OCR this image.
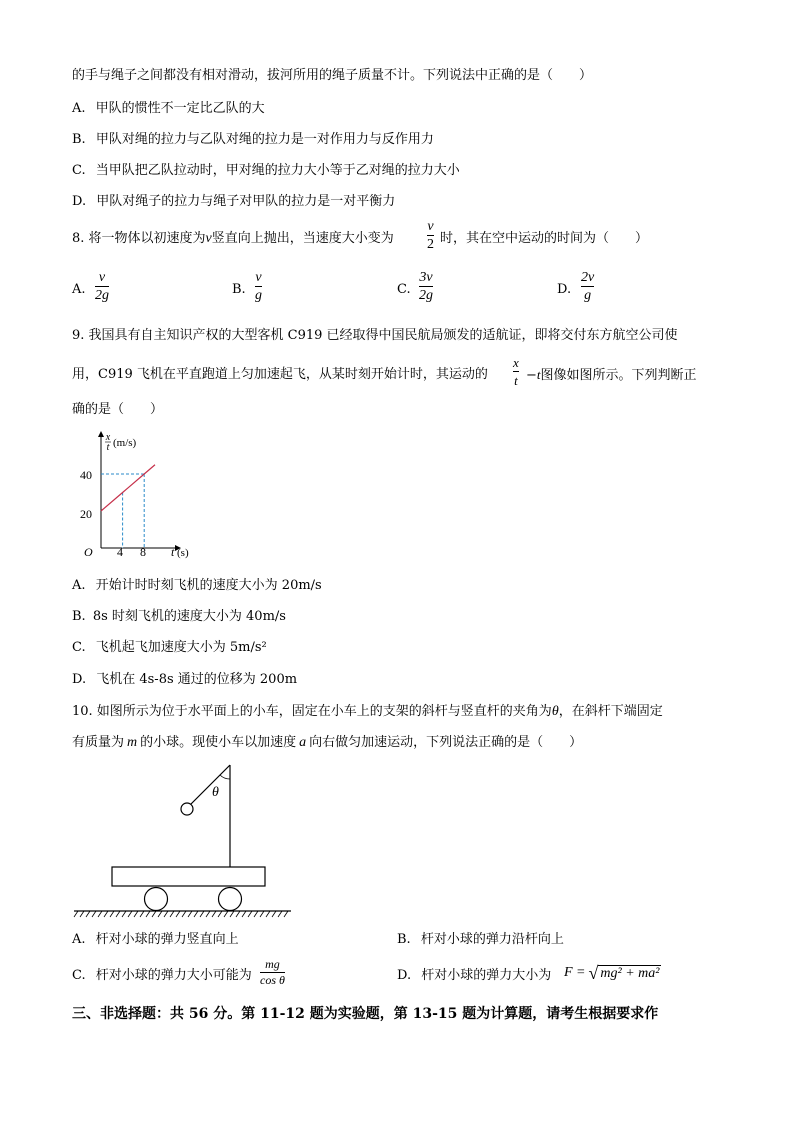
的手与绳子之间都没有相对滑动，拔河所用的绳子质量不计。下列说法中正确的是（　　）
A. 甲队的惯性不一定比乙队的大
B. 甲队对绳的拉力与乙队对绳的拉力是一对作用力与反作用力
C. 当甲队把乙队拉动时，甲对绳的拉力大小等于乙对绳的拉力大小
D. 甲队对绳子的拉力与绳子对甲队的拉力是一对平衡力
8. 将一物体以初速度为v竖直向上抛出，当速度大小变为
v
2 时，其在空中运动的时间为（　　）
A.
v
2g	B.
v
g	C.
3v
2g	D.
2v
g
9. 我国具有自主知识产权的大型客机 C919 已经取得中国民航局颁发的适航证，即将交付东方航空公司使
用，C919 飞机在平直跑道上匀加速起飞，从某时刻开始计时，其运动的
x
t −t图像如图所示。下列判断正
确的是（　　）
x
t (m/s)
40
20
O 4 8 t (s)
A. 开始计时时刻飞机的速度大小为 20m/s
B. 8s 时刻飞机的速度大小为 40m/s
C. 飞机起飞加速度大小为 5m/s²
D. 飞机在 4s-8s 通过的位移为 200m
10. 如图所示为位于水平面上的小车，固定在小车上的支架的斜杆与竖直杆的夹角为θ，在斜杆下端固定
有质量为 m 的小球。现使小车以加速度 a 向右做匀加速运动，下列说法正确的是（　　）
θ
A. 杆对小球的弹力竖直向上	B. 杆对小球的弹力沿杆向上
C. 杆对小球的弹力大小可能为
mg
cos θ	D. 杆对小球的弹力大小为 F = √ mg² + ma²
三、非选择题：共 56 分。第 11-12 题为实验题，第 13-15 题为计算题，请考生根据要求作
